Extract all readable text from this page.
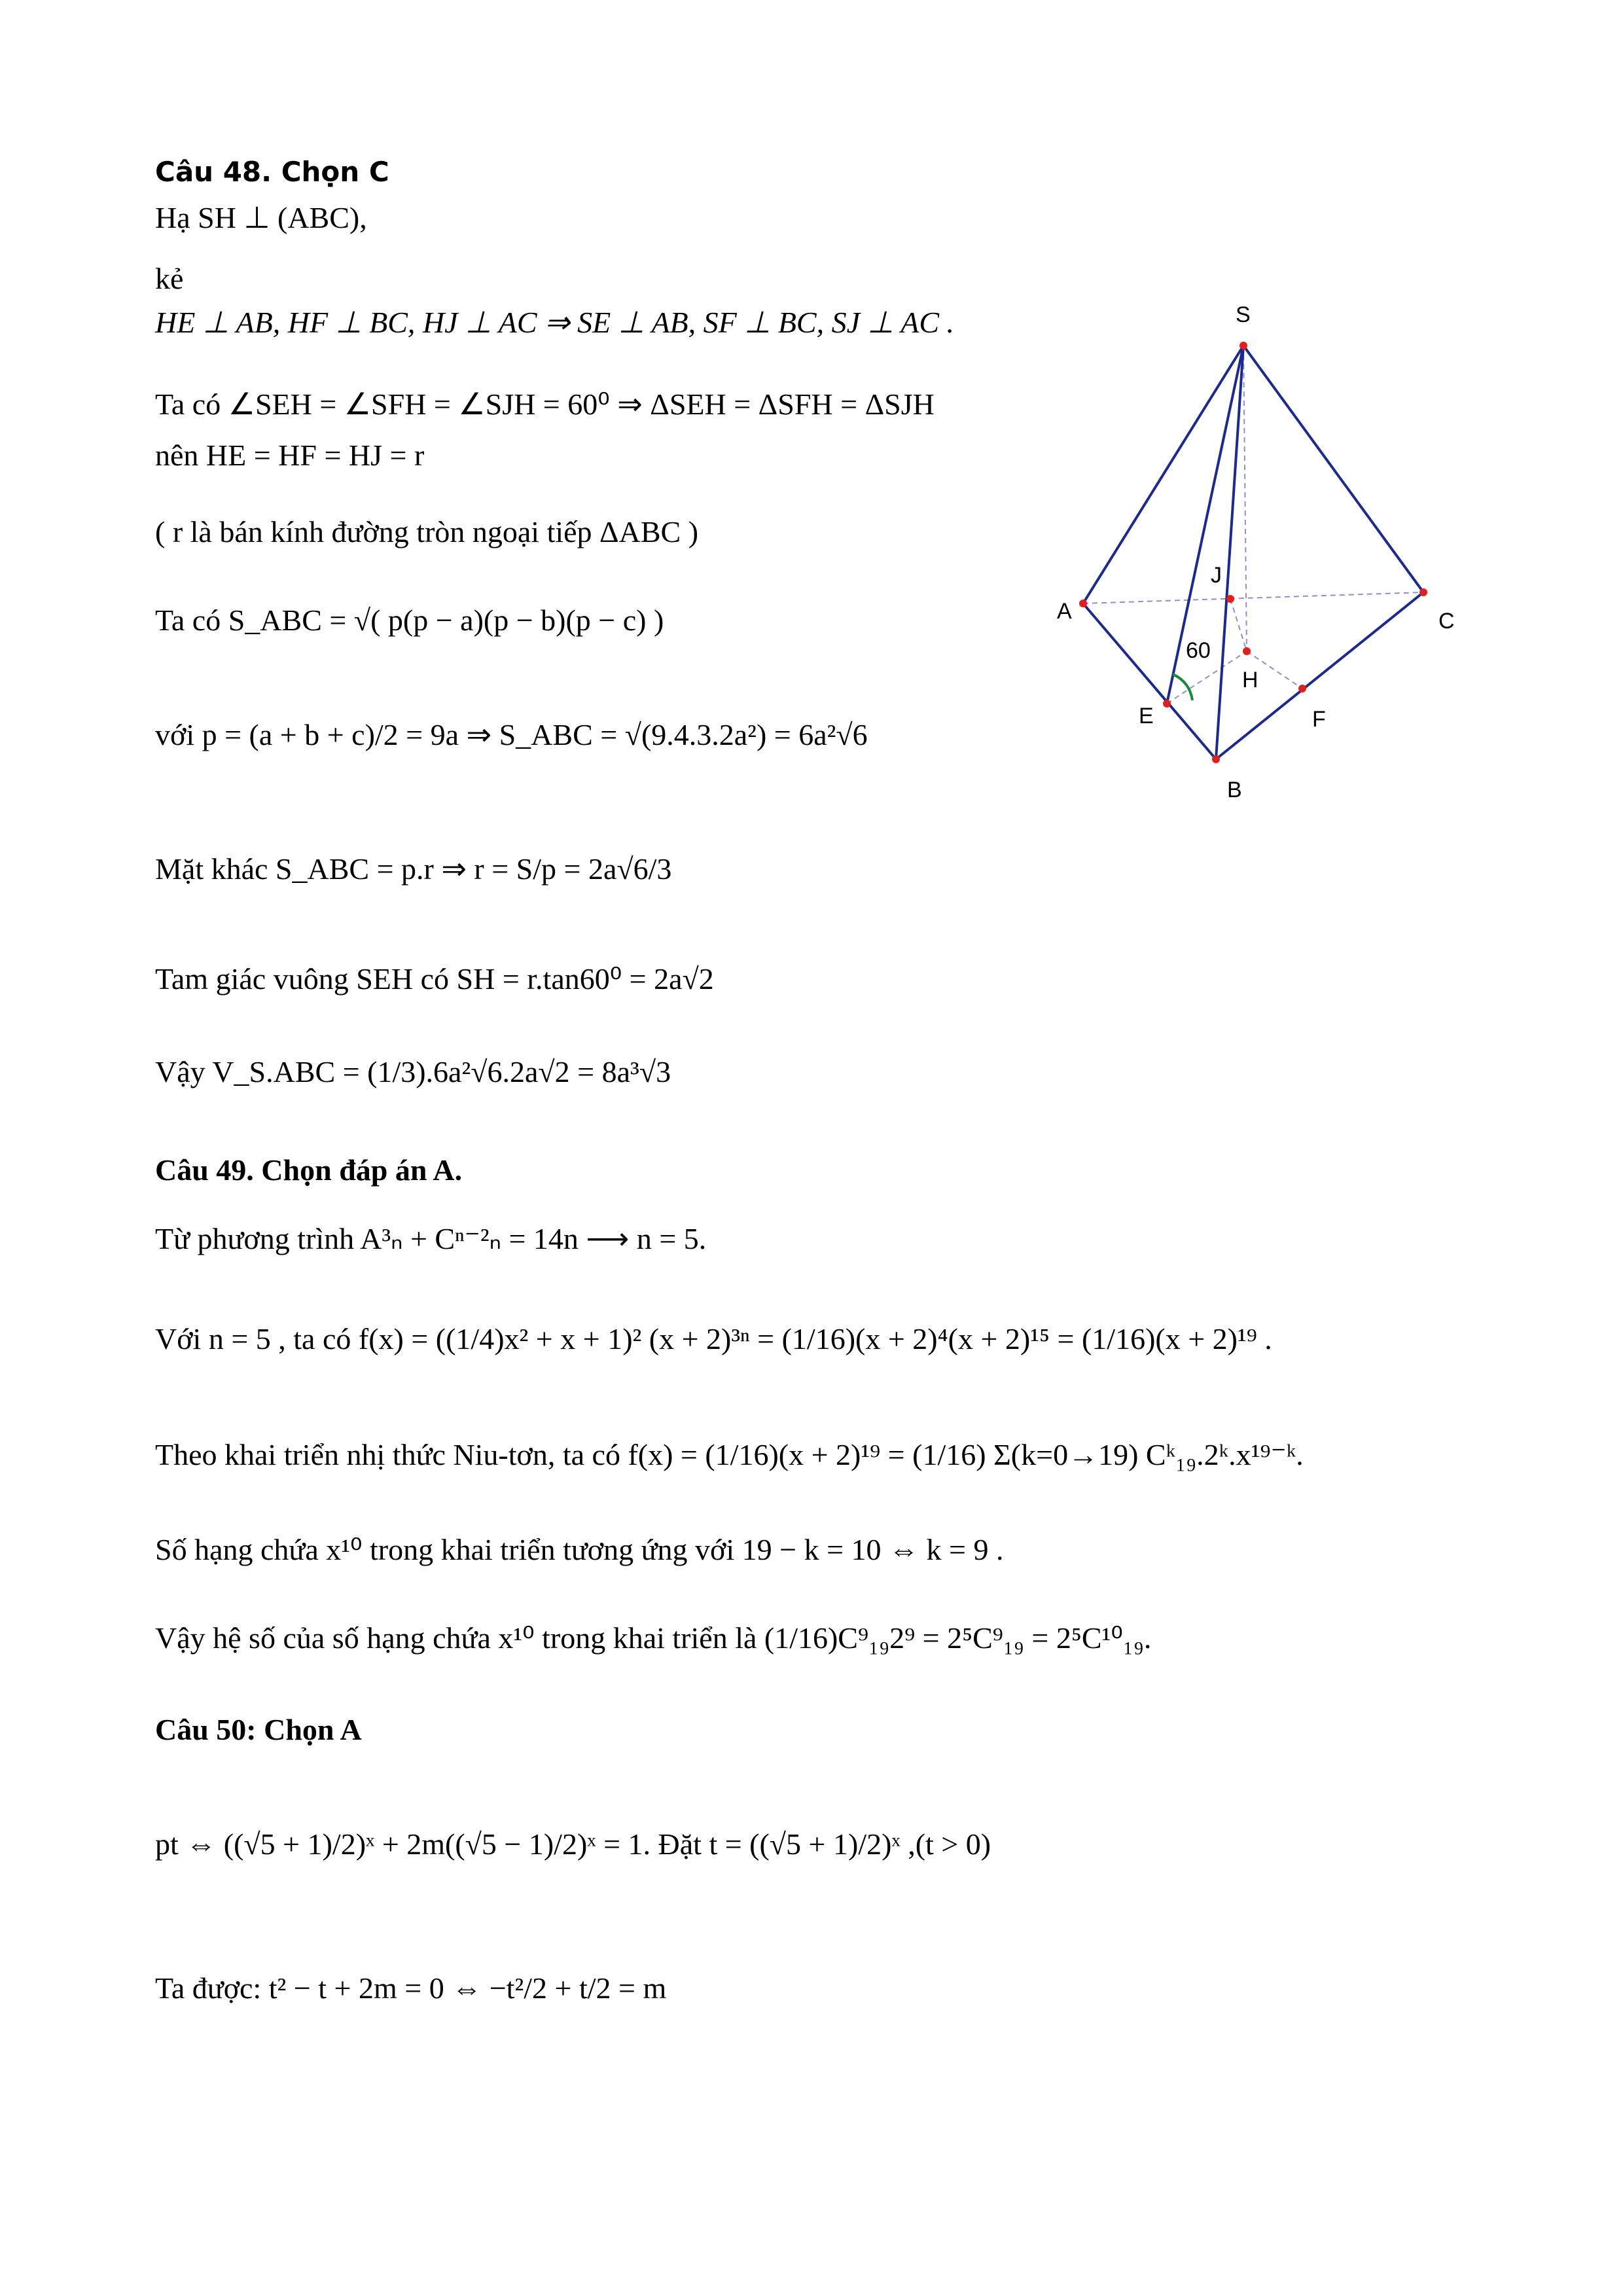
Câu 48. Chọn C
Hạ SH ⊥ (ABC),
kẻ
HE ⊥ AB, HF ⊥ BC, HJ ⊥ AC ⇒ SE ⊥ AB, SF ⊥ BC, SJ ⊥ AC .
Ta có ∠SEH = ∠SFH = ∠SJH = 60⁰ ⇒ ΔSEH = ΔSFH = ΔSJH
nên HE = HF = HJ = r
( r là bán kính đường tròn ngoại tiếp ΔABC )
Ta có S_ABC = √( p(p − a)(p − b)(p − c) )
với p = (a + b + c)/2 = 9a ⇒ S_ABC = √(9.4.3.2a²) = 6a²√6
Mặt khác S_ABC = p.r ⇒ r = S/p = 2a√6/3
Tam giác vuông SEH có SH = r.tan60⁰ = 2a√2
Vậy V_S.ABC = (1/3).6a²√6.2a√2 = 8a³√3
Câu 49. Chọn đáp án A.
Từ phương trình A³ₙ + Cⁿ⁻²ₙ = 14n ⟶ n = 5.
Với n = 5 , ta có f(x) = ((1/4)x² + x + 1)² (x + 2)³ⁿ = (1/16)(x + 2)⁴(x + 2)¹⁵ = (1/16)(x + 2)¹⁹ .
Theo khai triển nhị thức Niu-tơn, ta có f(x) = (1/16)(x + 2)¹⁹ = (1/16) Σ(k=0→19) Cᵏ₁₉.2ᵏ.x¹⁹⁻ᵏ.
Số hạng chứa x¹⁰ trong khai triển tương ứng với 19 − k = 10 ⇔ k = 9 .
Vậy hệ số của số hạng chứa x¹⁰ trong khai triển là (1/16)C⁹₁₉2⁹ = 2⁵C⁹₁₉ = 2⁵C¹⁰₁₉.
Câu 50: Chọn A
pt ⇔ ((√5 + 1)/2)ˣ + 2m((√5 − 1)/2)ˣ = 1. Đặt t = ((√5 + 1)/2)ˣ ,(t > 0)
Ta được: t² − t + 2m = 0 ⇔ −t²/2 + t/2 = m
S
A	C
B
E	F
H
J
60
